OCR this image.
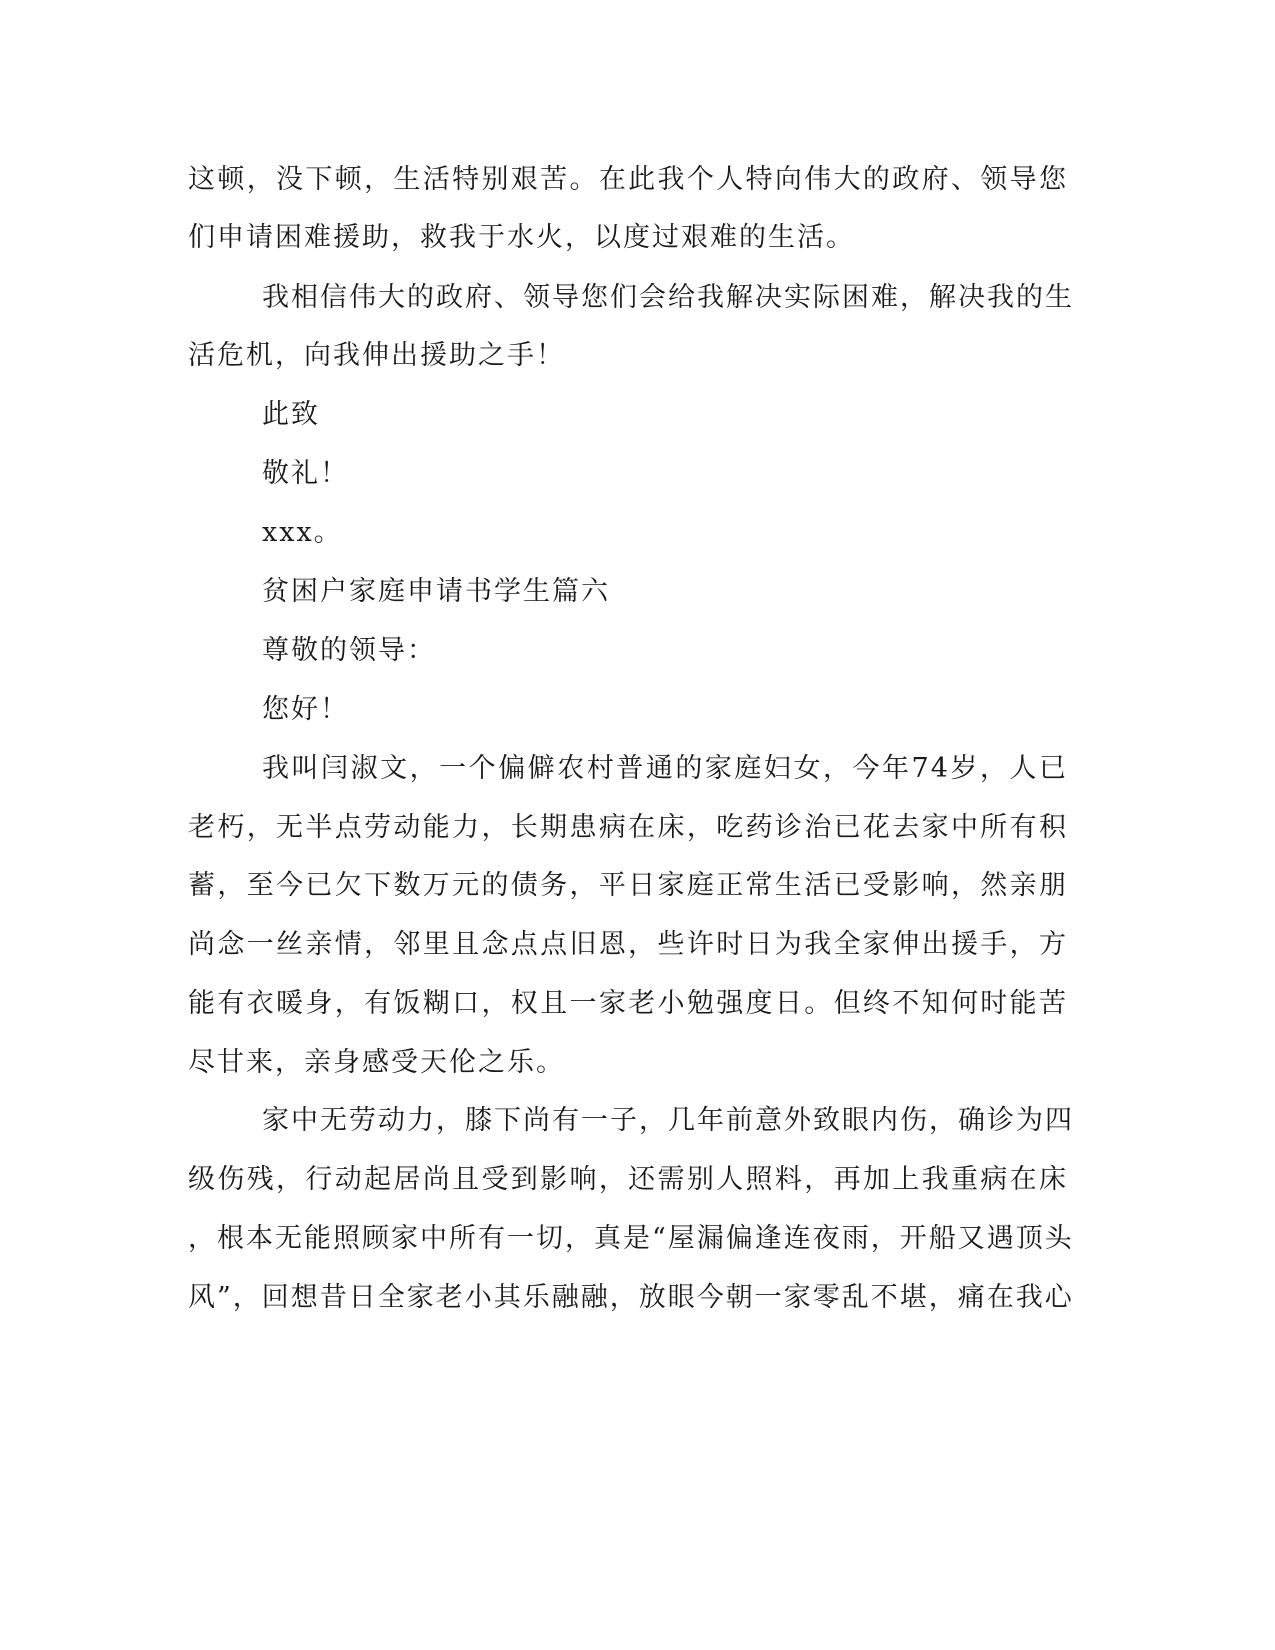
这顿，没下顿，生活特别艰苦。在此我个人特向伟大的政府、领导您
们申请困难援助，救我于水火，以度过艰难的生活。
我相信伟大的政府、领导您们会给我解决实际困难，解决我的生
活危机，向我伸出援助之手！
此致
敬礼！
xxx。
贫困户家庭申请书学生篇六
尊敬的领导：
您好！
我叫闫淑文，一个偏僻农村普通的家庭妇女，今年74岁，人已
老朽，无半点劳动能力，长期患病在床，吃药诊治已花去家中所有积
蓄，至今已欠下数万元的债务，平日家庭正常生活已受影响，然亲朋
尚念一丝亲情，邻里且念点点旧恩，些许时日为我全家伸出援手，方
能有衣暖身，有饭糊口，权且一家老小勉强度日。但终不知何时能苦
尽甘来，亲身感受天伦之乐。
家中无劳动力，膝下尚有一子，几年前意外致眼内伤，确诊为四
级伤残，行动起居尚且受到影响，还需别人照料，再加上我重病在床
，根本无能照顾家中所有一切，真是“屋漏偏逢连夜雨，开船又遇顶头
风”，回想昔日全家老小其乐融融，放眼今朝一家零乱不堪，痛在我心
